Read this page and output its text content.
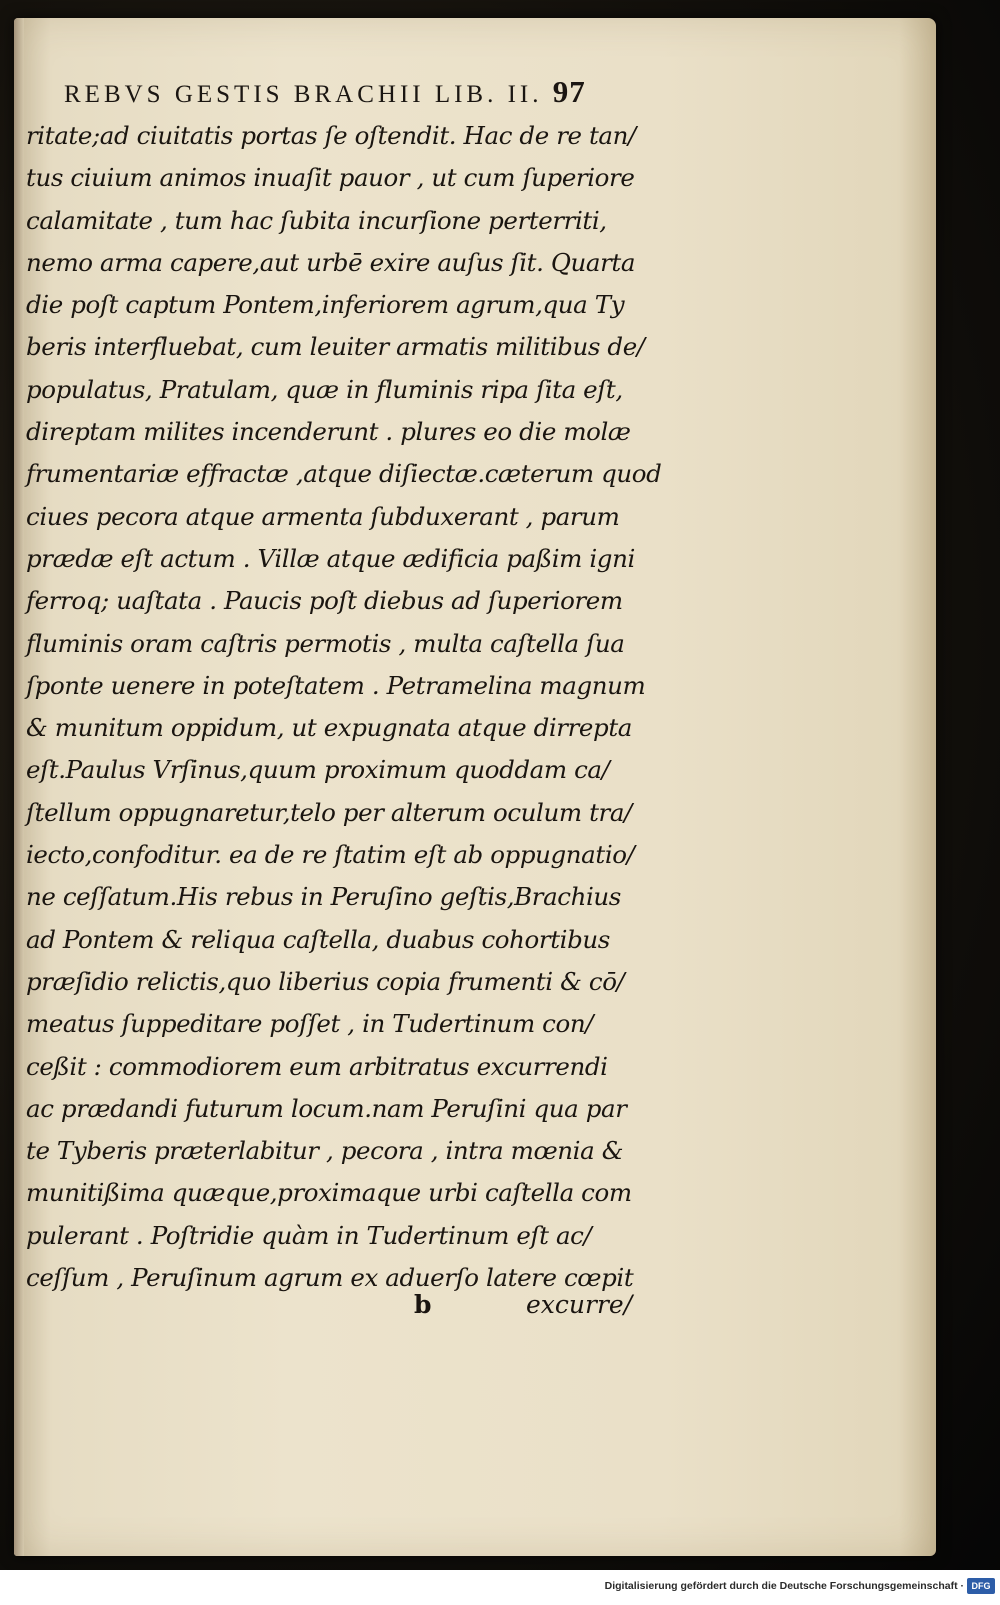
REBVS GESTIS BRACHII LIB. II. 97
ritate;ad ciuitatis portas ſe oſtendit. Hac de re tan/
tus ciuium animos inuaſit pauor , ut cum ſuperiore
calamitate , tum hac ſubita incurſione perterriti,
nemo arma capere,aut urbē exire auſus ſit. Quarta
die poſt captum Pontem,inferiorem agrum,qua Ty
beris interfluebat, cum leuiter armatis militibus de/
populatus, Pratulam, quæ in fluminis ripa ſita eſt,
direptam milites incenderunt . plures eo die molæ
frumentariæ effractæ ,atque diſiectæ.cæterum quod
ciues pecora atque armenta ſubduxerant , parum
prædæ eſt actum . Villæ atque ædificia paßim igni
ferroq; uaſtata . Paucis poſt diebus ad ſuperiorem
fluminis oram caſtris permotis , multa caſtella ſua
ſponte uenere in poteſtatem . Petramelina magnum
& munitum oppidum, ut expugnata atque dirrepta
eſt.Paulus Vrſinus,quum proximum quoddam ca/
ſtellum oppugnaretur,telo per alterum oculum tra/
iecto,confoditur. ea de re ſtatim eſt ab oppugnatio/
ne ceſſatum.His rebus in Peruſino geſtis,Brachius
ad Pontem & reliqua caſtella, duabus cohortibus
præſidio relictis,quo liberius copia frumenti & cō/
meatus ſuppeditare poſſet , in Tudertinum con/
ceßit : commodiorem eum arbitratus excurrendi
ac prædandi futurum locum.nam Peruſini qua par
te Tyberis præterlabitur , pecora , intra mœnia &
munitißima quæque,proximaque urbi caſtella com
pulerant . Poſtridie quàm in Tudertinum eſt ac/
ceſſum , Peruſinum agrum ex aduerſo latere cœpit
b	excurre/
Digitalisierung gefördert durch die Deutsche Forschungsgemeinschaft · DFG
